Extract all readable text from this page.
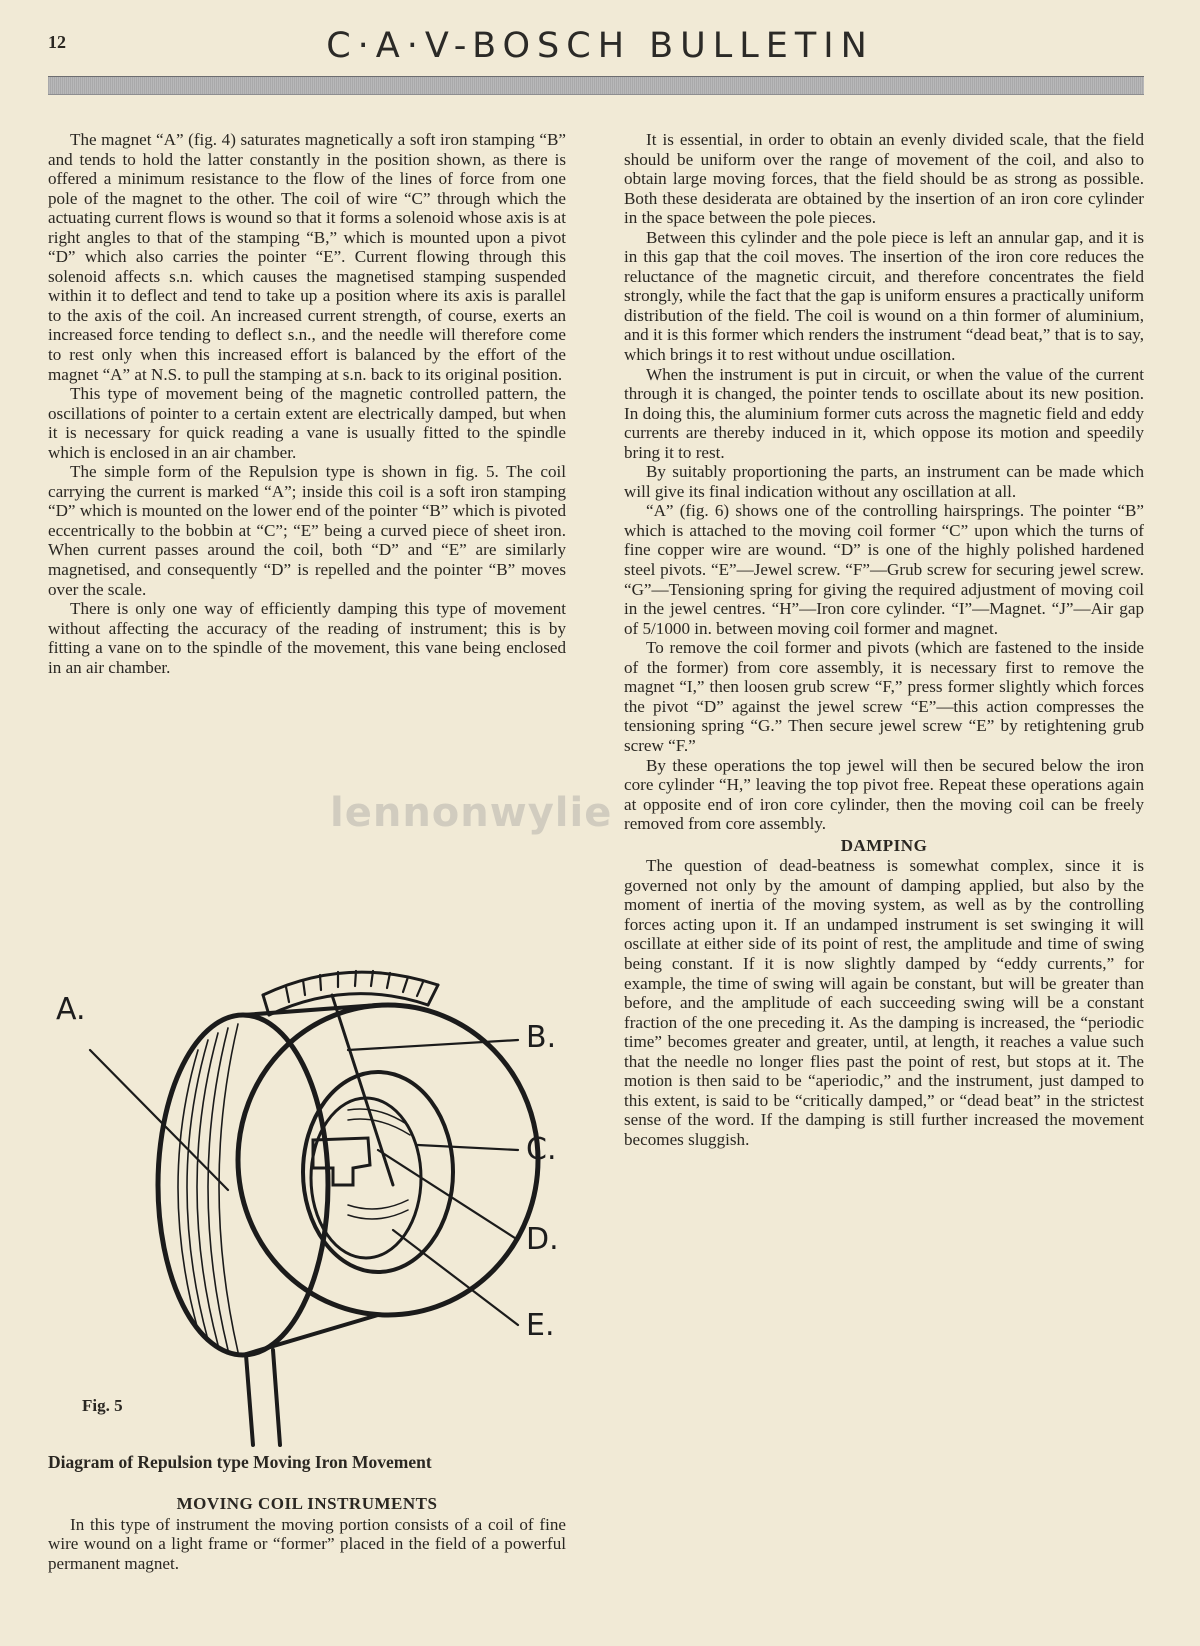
12	C·A·V-BOSCH BULLETIN

The magnet “A” (fig. 4) saturates magnetically a soft iron stamping “B” and tends to hold the latter constantly in the position shown, as there is offered a minimum resistance to the flow of the lines of force from one pole of the magnet to the other. The coil of wire “C” through which the actuating current flows is wound so that it forms a solenoid whose axis is at right angles to that of the stamping “B,” which is mounted upon a pivot “D” which also carries the pointer “E”. Current flowing through this solenoid affects s.n. which causes the magnetised stamping suspended within it to deflect and tend to take up a position where its axis is parallel to the axis of the coil. An increased current strength, of course, exerts an increased force tending to deflect s.n., and the needle will therefore come to rest only when this increased effort is balanced by the effort of the magnet “A” at N.S. to pull the stamping at s.n. back to its original position.

This type of movement being of the magnetic controlled pattern, the oscillations of pointer to a certain extent are electrically damped, but when it is necessary for quick reading a vane is usually fitted to the spindle which is enclosed in an air chamber.

The simple form of the Repulsion type is shown in fig. 5. The coil carrying the current is marked “A”; inside this coil is a soft iron stamping “D” which is mounted on the lower end of the pointer “B” which is pivoted eccentrically to the bobbin at “C”; “E” being a curved piece of sheet iron. When current passes around the coil, both “D” and “E” are similarly magnetised, and consequently “D” is repelled and the pointer “B” moves over the scale.

There is only one way of efficiently damping this type of movement without affecting the accuracy of the reading of instrument; this is by fitting a vane on to the spindle of the movement, this vane being enclosed in an air chamber.

lennonwylie
A.
B.
C.
D.
E.
Fig. 5
Diagram of Repulsion type Moving Iron Movement
MOVING COIL INSTRUMENTS

In this type of instrument the moving portion consists of a coil of fine wire wound on a light frame or “former” placed in the field of a powerful permanent magnet.

It is essential, in order to obtain an evenly divided scale, that the field should be uniform over the range of movement of the coil, and also to obtain large moving forces, that the field should be as strong as possible. Both these desiderata are obtained by the insertion of an iron core cylinder in the space between the pole pieces.

Between this cylinder and the pole piece is left an annular gap, and it is in this gap that the coil moves. The insertion of the iron core reduces the reluctance of the magnetic circuit, and therefore concentrates the field strongly, while the fact that the gap is uniform ensures a practically uniform distribution of the field. The coil is wound on a thin former of aluminium, and it is this former which renders the instrument “dead beat,” that is to say, which brings it to rest without undue oscillation.

When the instrument is put in circuit, or when the value of the current through it is changed, the pointer tends to oscillate about its new position. In doing this, the aluminium former cuts across the magnetic field and eddy currents are thereby induced in it, which oppose its motion and speedily bring it to rest.

By suitably proportioning the parts, an instrument can be made which will give its final indication without any oscillation at all.

“A” (fig. 6) shows one of the controlling hairsprings. The pointer “B” which is attached to the moving coil former “C” upon which the turns of fine copper wire are wound. “D” is one of the highly polished hardened steel pivots. “E”—Jewel screw. “F”—Grub screw for securing jewel screw. “G”—Tensioning spring for giving the required adjustment of moving coil in the jewel centres. “H”—Iron core cylinder. “I”—Magnet. “J”—Air gap of 5/1000 in. between moving coil former and magnet.

To remove the coil former and pivots (which are fastened to the inside of the former) from core assembly, it is necessary first to remove the magnet “I,” then loosen grub screw “F,” press former slightly which forces the pivot “D” against the jewel screw “E”—this action compresses the tensioning spring “G.” Then secure jewel screw “E” by retightening grub screw “F.”

By these operations the top jewel will then be secured below the iron core cylinder “H,” leaving the top pivot free. Repeat these operations again at opposite end of iron core cylinder, then the moving coil can be freely removed from core assembly.

DAMPING

The question of dead-beatness is somewhat complex, since it is governed not only by the amount of damping applied, but also by the moment of inertia of the moving system, as well as by the controlling forces acting upon it. If an undamped instrument is set swinging it will oscillate at either side of its point of rest, the amplitude and time of swing being constant. If it is now slightly damped by “eddy currents,” for example, the time of swing will again be constant, but will be greater than before, and the amplitude of each succeeding swing will be a constant fraction of the one preceding it. As the damping is increased, the “periodic time” becomes greater and greater, until, at length, it reaches a value such that the needle no longer flies past the point of rest, but stops at it. The motion is then said to be “aperiodic,” and the instrument, just damped to this extent, is said to be “critically damped,” or “dead beat” in the strictest sense of the word. If the damping is still further increased the movement becomes sluggish.
